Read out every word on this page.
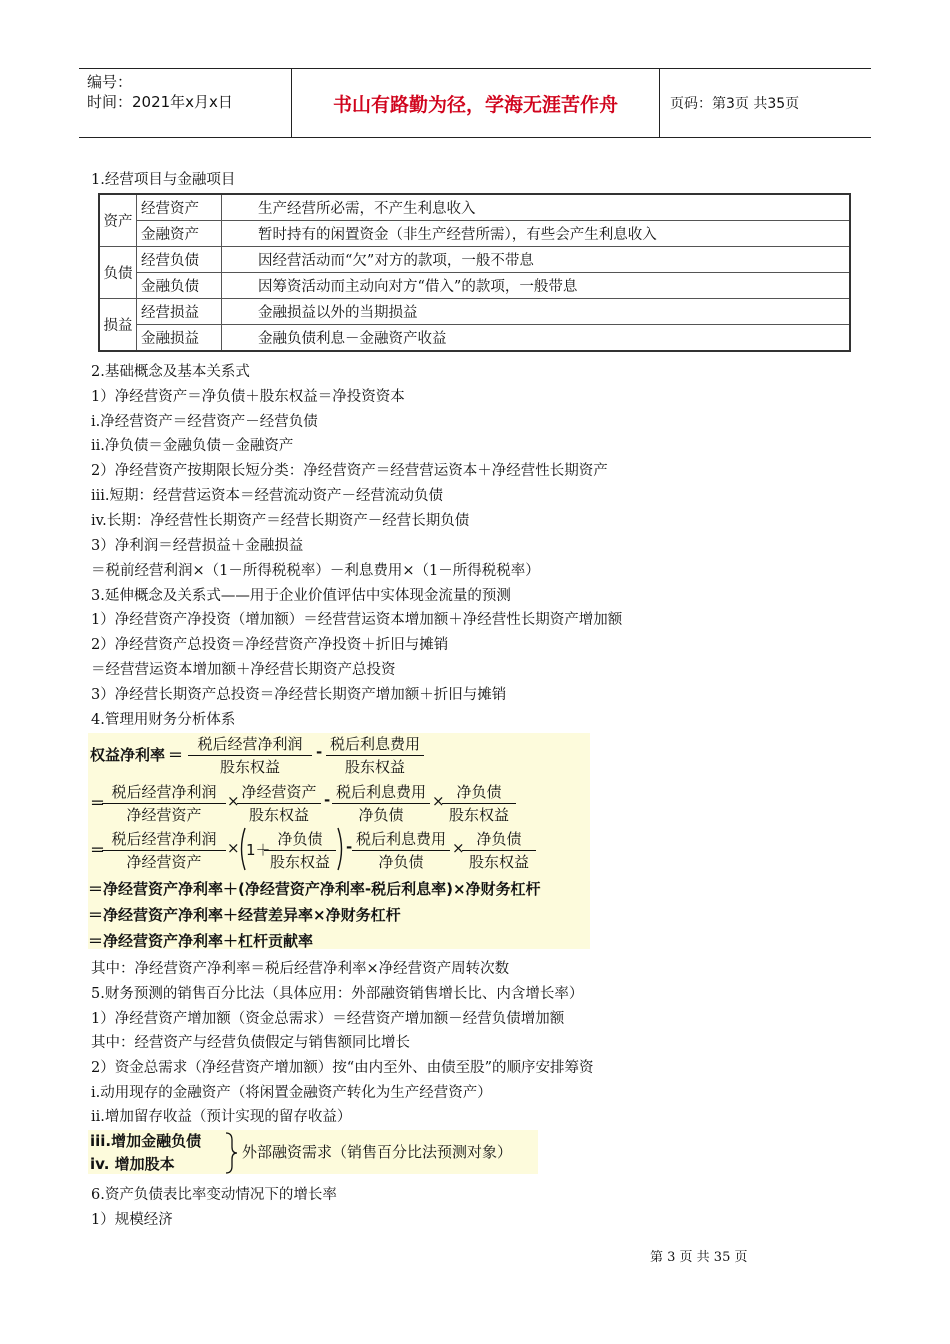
编号：
时间：2021年x月x日	书山有路勤为径，学海无涯苦作舟	页码：第3页 共35页
1.经营项目与金融项目
资产	经营资产	生产经营所必需，不产生利息收入
	金融资产	暂时持有的闲置资金（非生产经营所需），有些会产生利息收入
负债	经营负债	因经营活动而“欠”对方的款项，一般不带息
	金融负债	因筹资活动而主动向对方“借入”的款项，一般带息
损益	经营损益	金融损益以外的当期损益
	金融损益	金融负债利息－金融资产收益
2.基础概念及基本关系式
1）净经营资产＝净负债＋股东权益＝净投资资本
i.净经营资产＝经营资产－经营负债
ii.净负债＝金融负债－金融资产
2）净经营资产按期限长短分类：净经营资产＝经营营运资本＋净经营性长期资产
iii.短期：经营营运资本＝经营流动资产－经营流动负债
iv.长期：净经营性长期资产＝经营长期资产－经营长期负债
3）净利润＝经营损益＋金融损益
＝税前经营利润×（1－所得税税率）－利息费用×（1－所得税税率）
3.延伸概念及关系式——用于企业价值评估中实体现金流量的预测
1）净经营资产净投资（增加额）＝经营营运资本增加额＋净经营性长期资产增加额
2）净经营资产总投资＝净经营资产净投资＋折旧与摊销
＝经营营运资本增加额＋净经营长期资产总投资
3）净经营长期资产总投资＝净经营长期资产增加额＋折旧与摊销
4.管理用财务分析体系
权益净利率 ＝
税后经营净利润
股东权益
- 税后利息费用
股东权益
＝
税后经营净利润
净经营资产
× 净经营资产
股东权益
- 税后利息费用
净负债
× 净负债
股东权益
＝
税后经营净利润
净经营资产
× 1＋
净负债
股东权益
- 税后利息费用
净负债
× 净负债
股东权益
＝净经营资产净利率＋(净经营资产净利率-税后利息率)×净财务杠杆
＝净经营资产净利率＋经营差异率×净财务杠杆
＝净经营资产净利率＋杠杆贡献率
其中：净经营资产净利率＝税后经营净利率×净经营资产周转次数
5.财务预测的销售百分比法（具体应用：外部融资销售增长比、内含增长率）
1）净经营资产增加额（资金总需求）＝经营资产增加额－经营负债增加额
其中：经营资产与经营负债假定与销售额同比增长
2）资金总需求（净经营资产增加额）按“由内至外、由债至股”的顺序安排筹资
i.动用现存的金融资产（将闲置金融资产转化为生产经营资产）
ii.增加留存收益（预计实现的留存收益）
iii.增加金融负债
iv. 增加股本
外部融资需求（销售百分比法预测对象）
6.资产负债表比率变动情况下的增长率
1）规模经济
第 3 页 共 35 页
